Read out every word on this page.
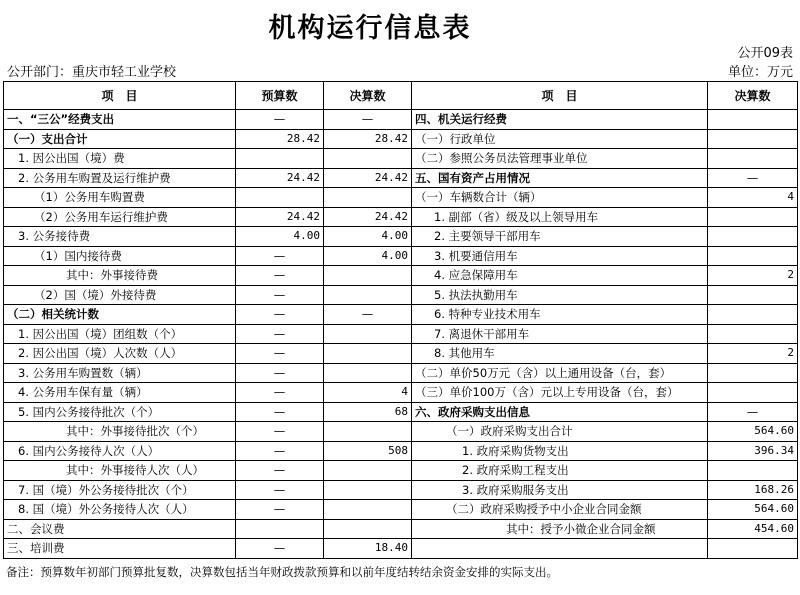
机构运行信息表
公开09表
公开部门：重庆市轻工业学校	单位：万元
项　目	预算数	决算数	项　目	决算数
一、“三公”经费支出	—	—	四、机关运行经费	
（一）支出合计	28.42	28.42	（一）行政单位	
1. 因公出国（境）费			（二）参照公务员法管理事业单位	
2. 公务用车购置及运行维护费	24.42	24.42	五、国有资产占用情况	—
（1）公务用车购置费			（一）车辆数合计（辆）	4
（2）公务用车运行维护费	24.42	24.42	1. 副部（省）级及以上领导用车	
3. 公务接待费	4.00	4.00	2. 主要领导干部用车	
（1）国内接待费	—	4.00	3. 机要通信用车	
其中：外事接待费	—		4. 应急保障用车	2
（2）国（境）外接待费	—		5. 执法执勤用车	
（二）相关统计数	—	—	6. 特种专业技术用车	
1. 因公出国（境）团组数（个）	—		7. 离退休干部用车	
2. 因公出国（境）人次数（人）	—		8. 其他用车	2
3. 公务用车购置数（辆）	—		（二）单价50万元（含）以上通用设备（台，套）	
4. 公务用车保有量（辆）	—	4	（三）单价100万（含）元以上专用设备（台，套）	
5. 国内公务接待批次（个）	—	68	六、政府采购支出信息	—
其中：外事接待批次（个）	—		（一）政府采购支出合计	564.60
6. 国内公务接待人次（人）	—	508	1. 政府采购货物支出	396.34
其中：外事接待人次（人）	—		2. 政府采购工程支出	
7. 国（境）外公务接待批次（个）	—		3. 政府采购服务支出	168.26
8. 国（境）外公务接待人次（人）	—		（二）政府采购授予中小企业合同金额	564.60
二、会议费			其中：授予小微企业合同金额	454.60
三、培训费	—	18.40		
备注：预算数年初部门预算批复数，决算数包括当年财政拨款预算和以前年度结转结余资金安排的实际支出。
